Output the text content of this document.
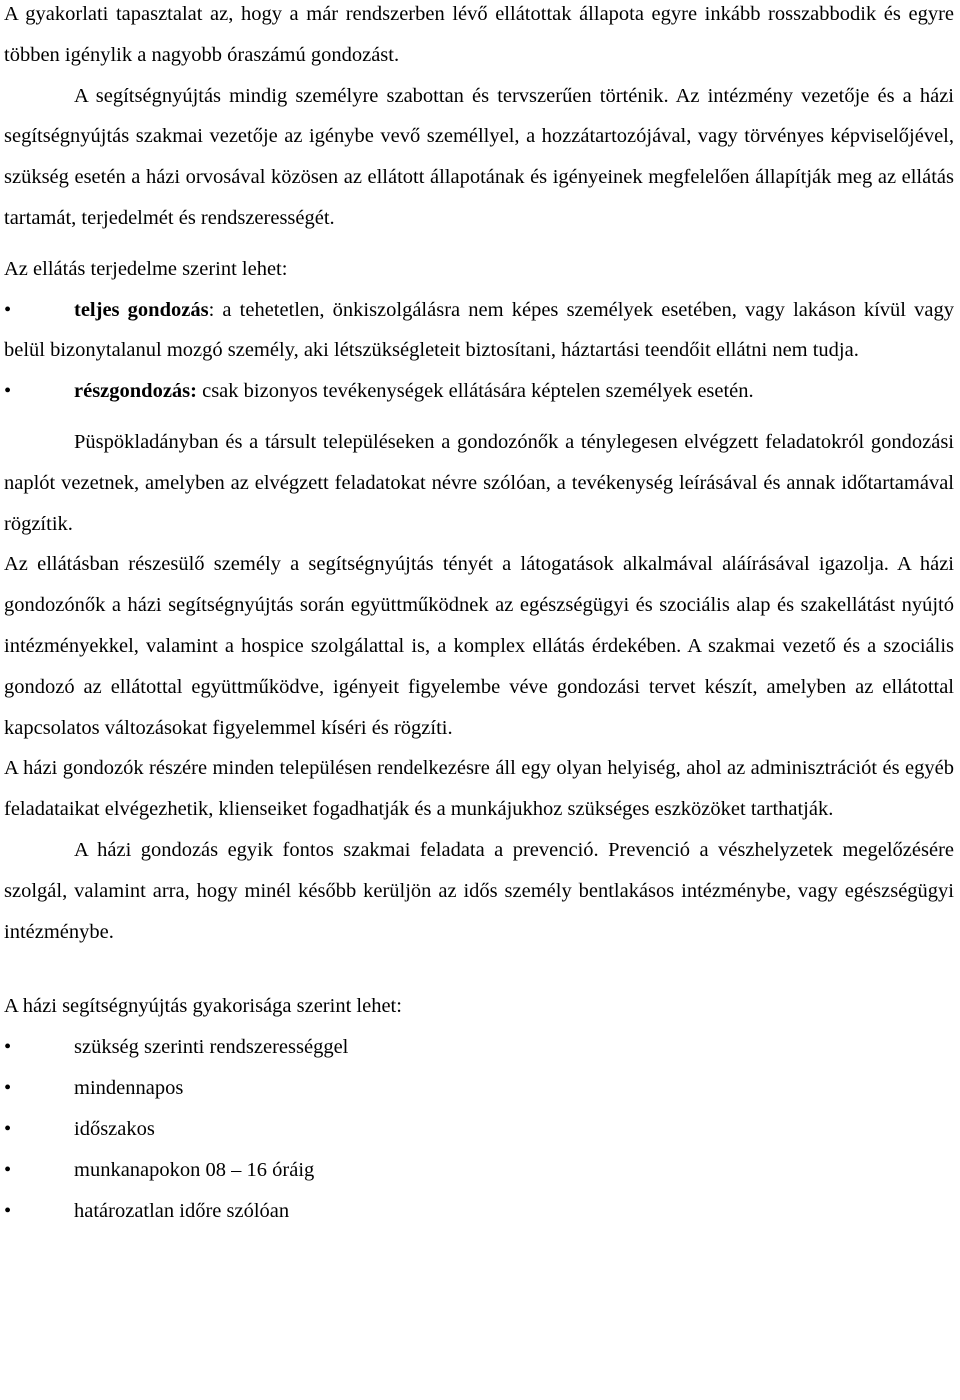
A gyakorlati tapasztalat az, hogy a már rendszerben lévő ellátottak állapota egyre inkább rosszabbodik és egyre többen igénylik a nagyobb óraszámú gondozást.

A segítségnyújtás mindig személyre szabottan és tervszerűen történik. Az intézmény vezetője és a házi segítségnyújtás szakmai vezetője az igénybe vevő személlyel, a hozzátartozójával, vagy törvényes képviselőjével, szükség esetén a házi orvosával közösen az ellátott állapotának és igényeinek megfelelően állapítják meg az ellátás tartamát, terjedelmét és rendszerességét.

Az ellátás terjedelme szerint lehet:

•	teljes gondozás: a tehetetlen, önkiszolgálásra nem képes személyek esetében, vagy lakáson kívül vagy belül bizonytalanul mozgó személy, aki létszükségleteit biztosítani, háztartási teendőit ellátni nem tudja.

•	részgondozás: csak bizonyos tevékenységek ellátására képtelen személyek esetén.

Püspökladányban és a társult településeken a gondozónők a ténylegesen elvégzett feladatokról gondozási naplót vezetnek, amelyben az elvégzett feladatokat névre szólóan, a tevékenység leírásával és annak időtartamával rögzítik.

Az ellátásban részesülő személy a segítségnyújtás tényét a látogatások alkalmával aláírásával igazolja. A házi gondozónők a házi segítségnyújtás során együttműködnek az egészségügyi és szociális alap és szakellátást nyújtó intézményekkel, valamint a hospice szolgálattal is, a komplex ellátás érdekében. A szakmai vezető és a szociális gondozó az ellátottal együttműködve, igényeit figyelembe véve gondozási tervet készít, amelyben az ellátottal kapcsolatos változásokat figyelemmel kíséri és rögzíti.

A házi gondozók részére minden településen rendelkezésre áll egy olyan helyiség, ahol az adminisztrációt és egyéb feladataikat elvégezhetik, klienseiket fogadhatják és a munkájukhoz szükséges eszközöket tarthatják.

A házi gondozás egyik fontos szakmai feladata a prevenció. Prevenció a vészhelyzetek megelőzésére szolgál, valamint arra, hogy minél később kerüljön az idős személy bentlakásos intézménybe, vagy egészségügyi intézménybe.

A házi segítségnyújtás gyakorisága szerint lehet:

•	szükség szerinti rendszerességgel

•	mindennapos

•	időszakos

•	munkanapokon 08 – 16 óráig

•	határozatlan időre szólóan
